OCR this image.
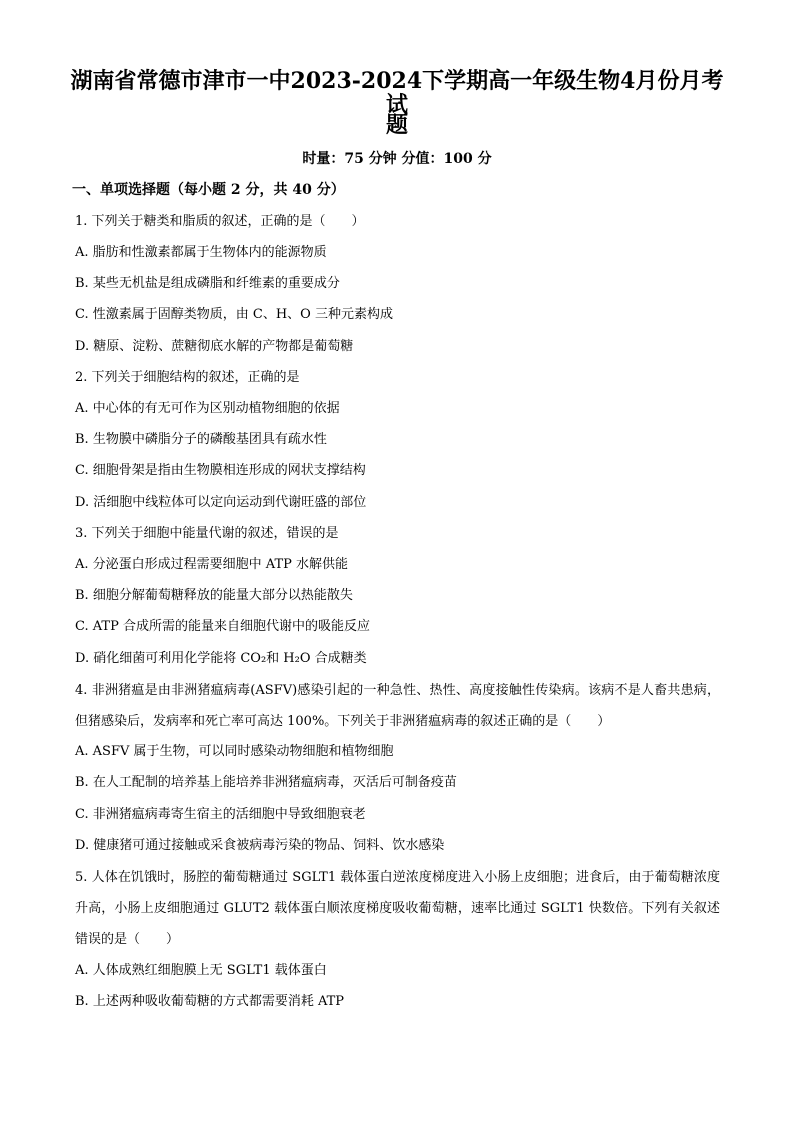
湖南省常德市津市一中2023-2024下学期高一年级生物4月份月考试
题
时量：75 分钟 分值：100 分
一、单项选择题（每小题 2 分，共 40 分）
1. 下列关于糖类和脂质的叙述，正确的是（　　）
A. 脂肪和性激素都属于生物体内的能源物质
B. 某些无机盐是组成磷脂和纤维素的重要成分
C. 性激素属于固醇类物质，由 C、H、O 三种元素构成
D. 糖原、淀粉、蔗糖彻底水解的产物都是葡萄糖
2. 下列关于细胞结构的叙述，正确的是
A. 中心体的有无可作为区别动植物细胞的依据
B. 生物膜中磷脂分子的磷酸基团具有疏水性
C. 细胞骨架是指由生物膜相连形成的网状支撑结构
D. 活细胞中线粒体可以定向运动到代谢旺盛的部位
3. 下列关于细胞中能量代谢的叙述，错误的是
A. 分泌蛋白形成过程需要细胞中 ATP 水解供能
B. 细胞分解葡萄糖释放的能量大部分以热能散失
C. ATP 合成所需的能量来自细胞代谢中的吸能反应
D. 硝化细菌可利用化学能将 CO₂和 H₂O 合成糖类
4. 非洲猪瘟是由非洲猪瘟病毒(ASFV)感染引起的一种急性、热性、高度接触性传染病。该病不是人畜共患病，但猪感染后，发病率和死亡率可高达 100%。下列关于非洲猪瘟病毒的叙述正确的是（　　）
A. ASFV 属于生物，可以同时感染动物细胞和植物细胞
B. 在人工配制的培养基上能培养非洲猪瘟病毒，灭活后可制备疫苗
C. 非洲猪瘟病毒寄生宿主的活细胞中导致细胞衰老
D. 健康猪可通过接触或采食被病毒污染的物品、饲料、饮水感染
5. 人体在饥饿时，肠腔的葡萄糖通过 SGLT1 载体蛋白逆浓度梯度进入小肠上皮细胞；进食后，由于葡萄糖浓度升高，小肠上皮细胞通过 GLUT2 载体蛋白顺浓度梯度吸收葡萄糖，速率比通过 SGLT1 快数倍。下列有关叙述错误的是（　　）
A. 人体成熟红细胞膜上无 SGLT1 载体蛋白
B. 上述两种吸收葡萄糖的方式都需要消耗 ATP
